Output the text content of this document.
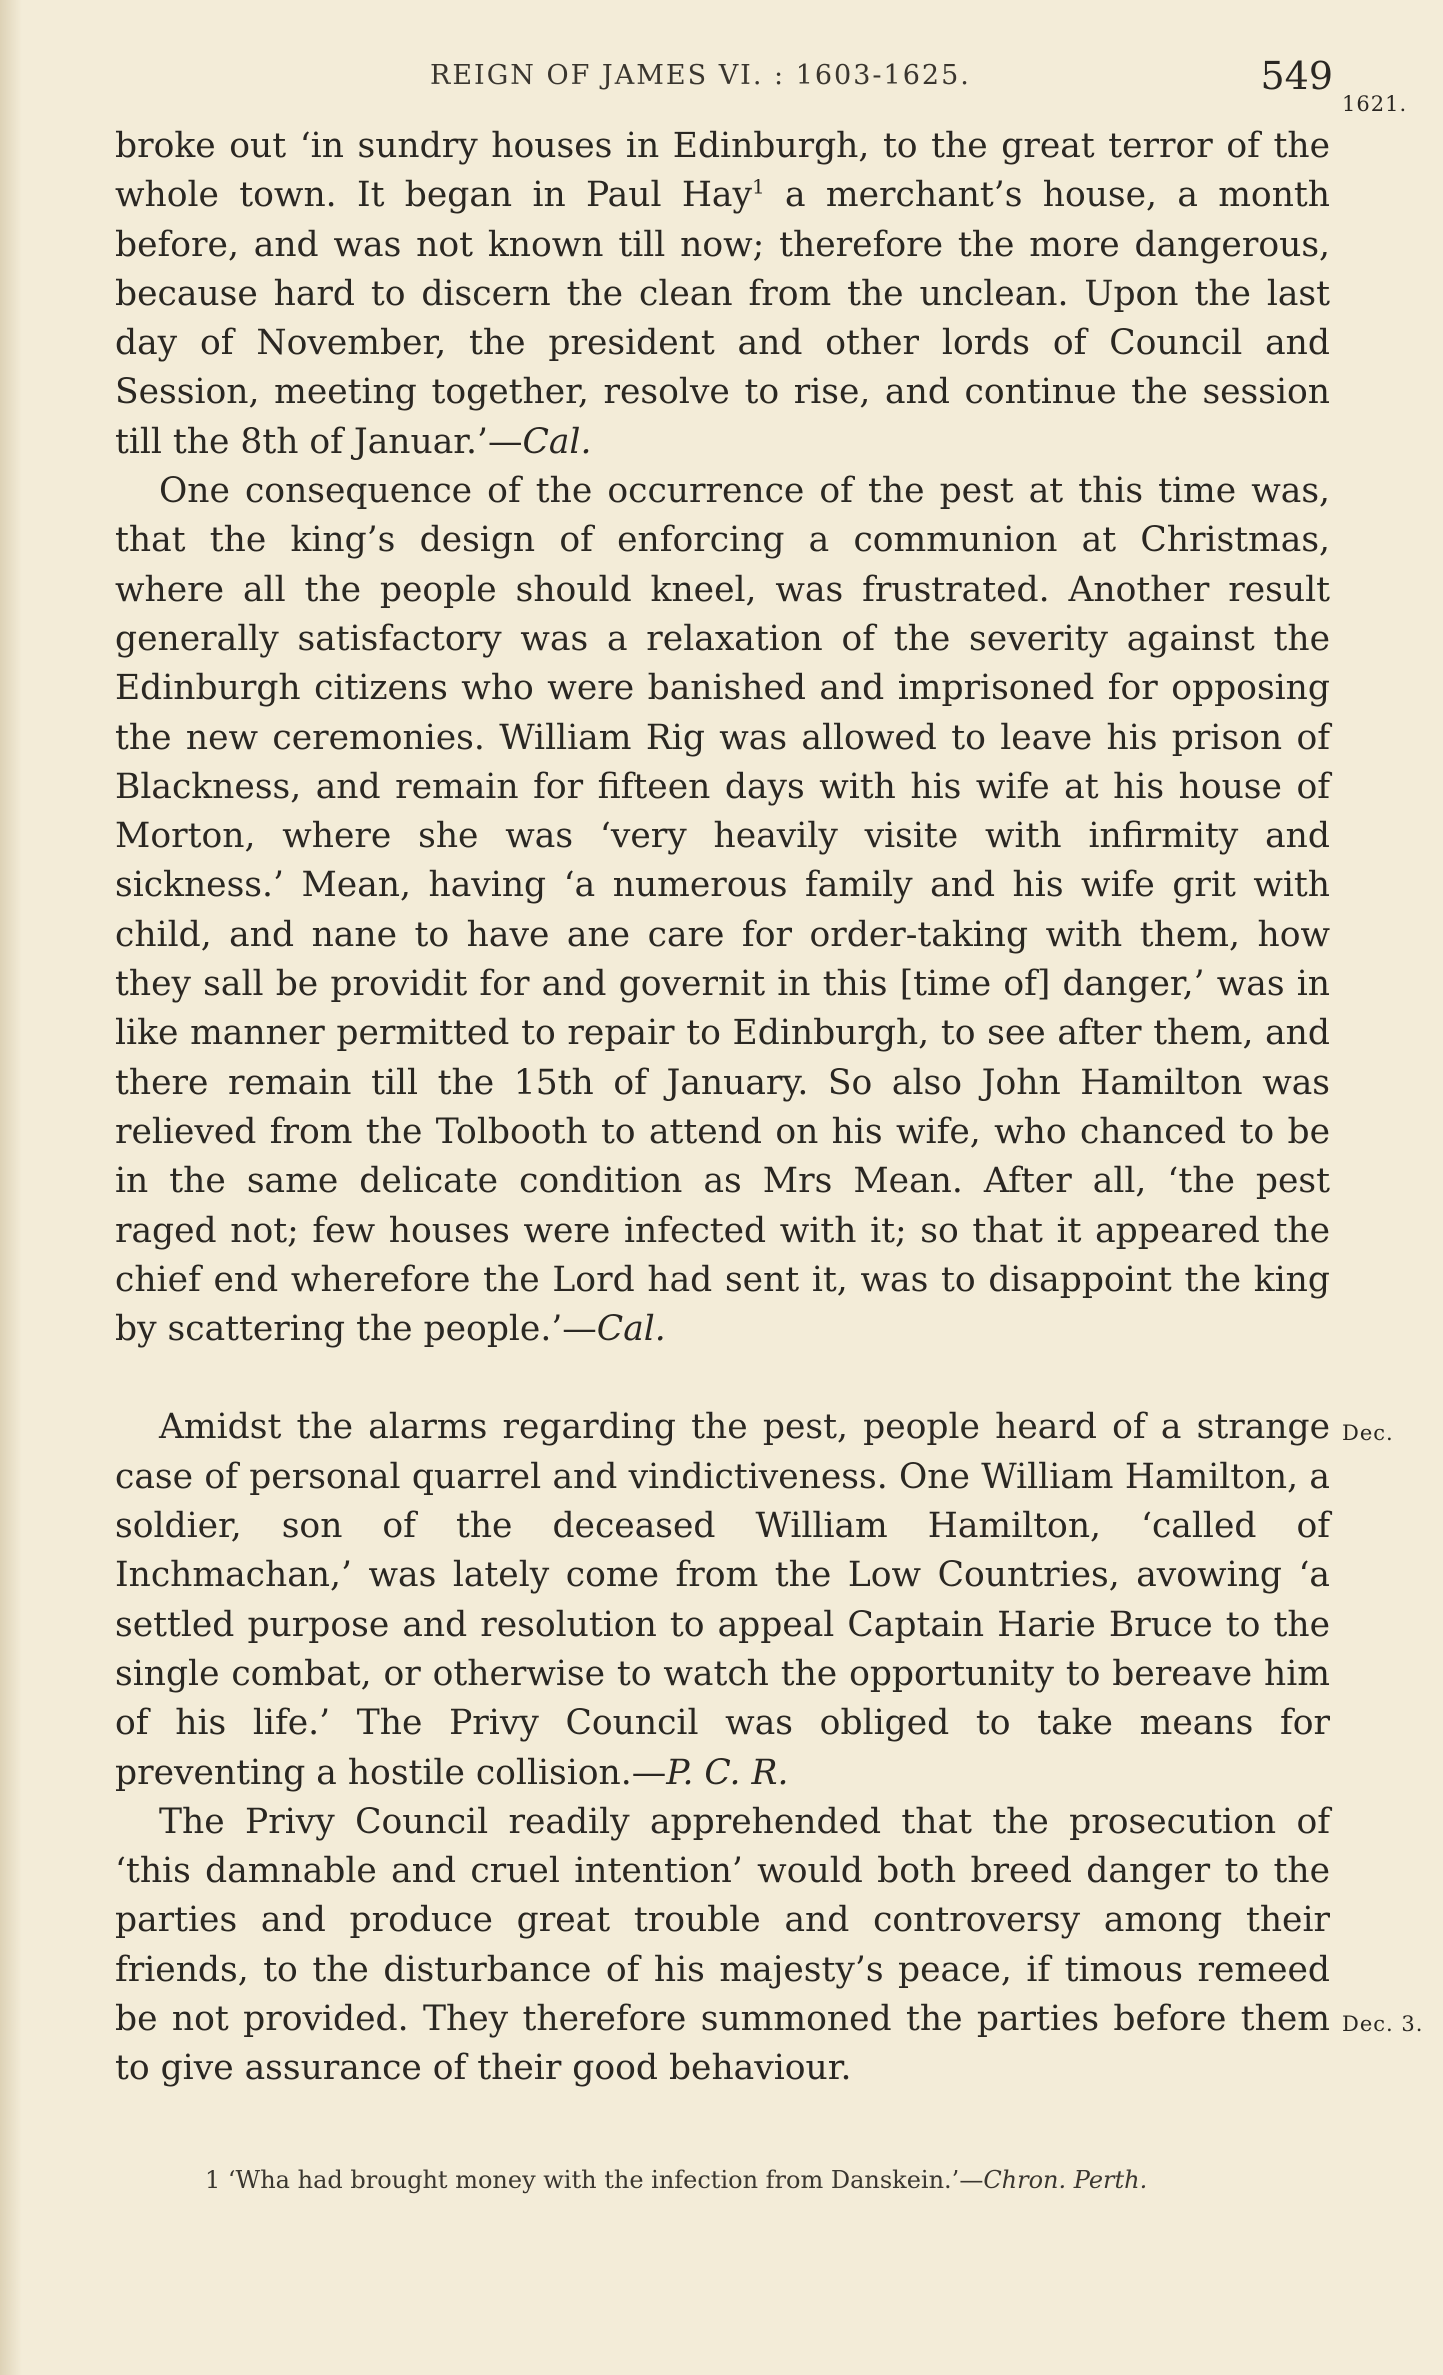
REIGN OF JAMES VI. : 1603-1625.	549
1621.
Dec.
Dec. 3.

broke out ‘in sundry houses in Edinburgh, to the great terror of the whole town. It began in Paul Hay$^1$ a merchant’s house, a month before, and was not known till now; therefore the more dangerous, because hard to discern the clean from the unclean. Upon the last day of November, the president and other lords of Council and Session, meeting together, resolve to rise, and continue the session till the 8th of Januar.’—Cal.

One consequence of the occurrence of the pest at this time was, that the king’s design of enforcing a communion at Christmas, where all the people should kneel, was frustrated. Another result generally satisfactory was a relaxation of the severity against the Edinburgh citizens who were banished and imprisoned for opposing the new ceremonies. William Rig was allowed to leave his prison of Blackness, and remain for fifteen days with his wife at his house of Morton, where she was ‘very heavily visite with infirmity and sickness.’ Mean, having ‘a numerous family and his wife grit with child, and nane to have ane care for order-taking with them, how they sall be providit for and governit in this [time of] danger,’ was in like manner permitted to repair to Edinburgh, to see after them, and there remain till the 15th of January. So also John Hamilton was relieved from the Tolbooth to attend on his wife, who chanced to be in the same delicate condition as Mrs Mean. After all, ‘the pest raged not; few houses were infected with it; so that it appeared the chief end wherefore the Lord had sent it, was to disappoint the king by scattering the people.’—Cal.

Amidst the alarms regarding the pest, people heard of a strange case of personal quarrel and vindictiveness. One William Hamilton, a soldier, son of the deceased William Hamilton, ‘called of Inchmachan,’ was lately come from the Low Countries, avowing ‘a settled purpose and resolution to appeal Captain Harie Bruce to the single combat, or otherwise to watch the opportunity to bereave him of his life.’ The Privy Council was obliged to take means for preventing a hostile collision.—P. C. R.

The Privy Council readily apprehended that the prosecution of ‘this damnable and cruel intention’ would both breed danger to the parties and produce great trouble and controversy among their friends, to the disturbance of his majesty’s peace, if timous remeed be not provided. They therefore summoned the parties before them to give assurance of their good behaviour.

1 ‘Wha had brought money with the infection from Danskein.’—Chron. Perth.
